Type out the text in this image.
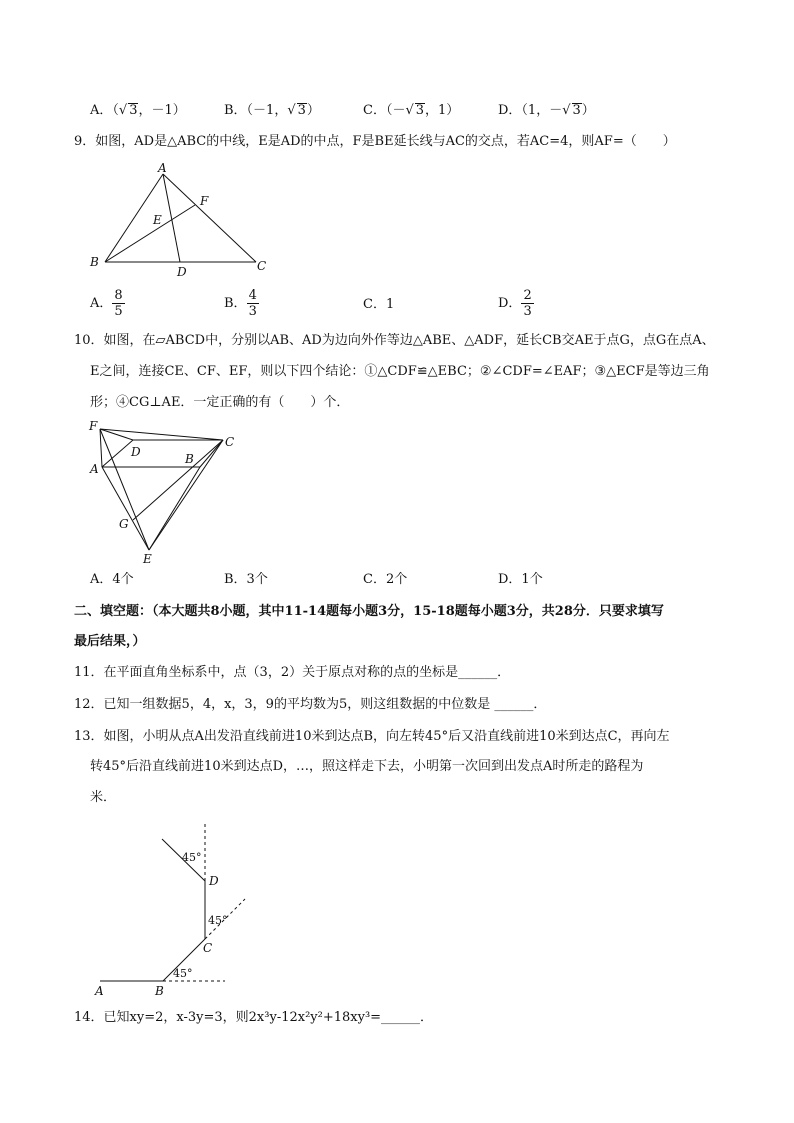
A．（√ 3，－1）	B．（－1，√ 3）	C．（－√ 3，1）	D．（1，－√ 3）
9．如图，AD是△ABC的中线，E是AD的中点，F是BE延长线与AC的交点，若AC=4，则AF=（　　）
A
F
E
B
D	C
A． $\frac{8}{5}$	B． $\frac{4}{3}$	C．1	D． $\frac{2}{3}$
10．如图，在▱ABCD中，分别以AB、AD为边向外作等边△ABE、△ADF，延长CB交AE于点G，点G在点A、
E之间，连接CE、CF、EF，则以下四个结论：①△CDF≌△EBC；②∠CDF=∠EAF；③△ECF是等边三角
形；④CG⊥AE．一定正确的有（　　）个．
F
D
C
A
B
G
E
A．4个	B．3个	C．2个	D．1个
二、填空题：（本大题共8小题，其中11-14题每小题3分，15-18题每小题3分，共28分．只要求填写
最后结果，）
11．在平面直角坐标系中，点（3，2）关于原点对称的点的坐标是______．
12．已知一组数据5，4，x，3，9的平均数为5，则这组数据的中位数是 ______．
13．如图，小明从点A出发沿直线前进10米到达点B，向左转45°后又沿直线前进10米到达点C，再向左
转45°后沿直线前进10米到达点D，…，照这样走下去，小明第一次回到出发点A时所走的路程为
米．
45°
45°
45°
A	B
C
D
14．已知xy=2，x-3y=3，则2x³y-12x²y²+18xy³=______．
